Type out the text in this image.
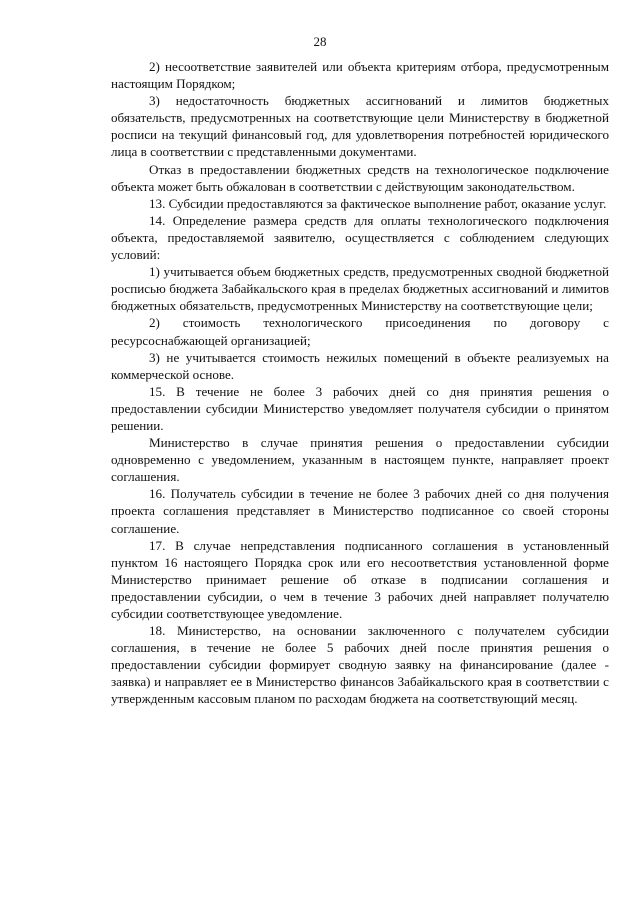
28

2) несоответствие заявителей или объекта критериям отбора, предусмотренным настоящим Порядком;

3) недостаточность бюджетных ассигнований и лимитов бюджетных обязательств, предусмотренных на соответствующие цели Министерству в бюджетной росписи на текущий финансовый год, для удовлетворения потребностей юридического лица в соответствии с представленными документами.

Отказ в предоставлении бюджетных средств на технологическое подключение объекта может быть обжалован в соответствии с действующим законодательством.

13. Субсидии предоставляются за фактическое выполнение работ, оказание услуг.

14. Определение размера средств для оплаты технологического подключения объекта, предоставляемой заявителю, осуществляется с соблюдением следующих условий:

1) учитывается объем бюджетных средств, предусмотренных сводной бюджетной росписью бюджета Забайкальского края в пределах бюджетных ассигнований и лимитов бюджетных обязательств, предусмотренных Министерству на соответствующие цели;

2) стоимость технологического присоединения по договору с ресурсоснабжающей организацией;

3) не учитывается стоимость нежилых помещений в объекте реализуемых на коммерческой основе.

15. В течение не более 3 рабочих дней со дня принятия решения о предоставлении субсидии Министерство уведомляет получателя субсидии о принятом решении.

Министерство в случае принятия решения о предоставлении субсидии одновременно с уведомлением, указанным в настоящем пункте, направляет проект соглашения.

16. Получатель субсидии в течение не более 3 рабочих дней со дня получения проекта соглашения представляет в Министерство подписанное со своей стороны соглашение.

17. В случае непредставления подписанного соглашения в установленный пунктом 16 настоящего Порядка срок или его несоответствия установленной форме Министерство принимает решение об отказе в подписании соглашения и предоставлении субсидии, о чем в течение 3 рабочих дней направляет получателю субсидии соответствующее уведомление.

18. Министерство, на основании заключенного с получателем субсидии соглашения, в течение не более 5 рабочих дней после принятия решения о предоставлении субсидии формирует сводную заявку на финансирование (далее - заявка) и направляет ее в Министерство финансов Забайкальского края в соответствии с утвержденным кассовым планом по расходам бюджета на соответствующий месяц.
